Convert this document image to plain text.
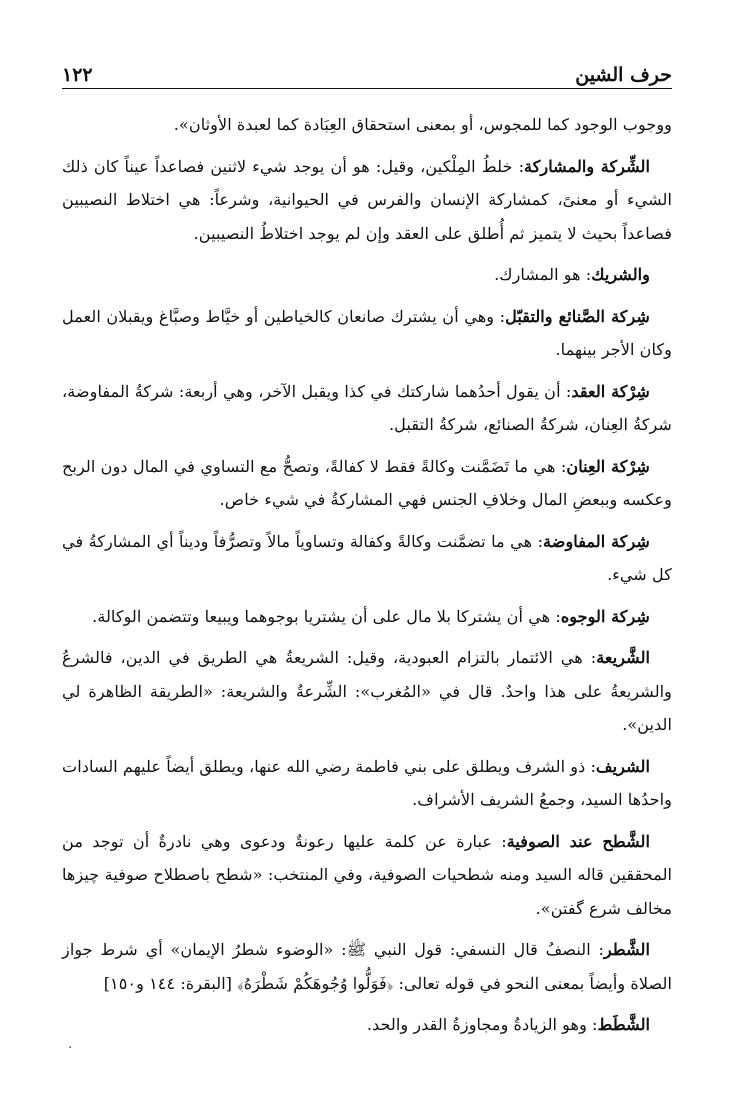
حرف الشين
١٢٢

ووجوب الوجود كما للمجوس، أو بمعنى استحقاق العِبَادة كما لعبدة الأوثان».

الشِّركة والمشاركة: خلطُ المِلْكين، وقيل: هو أن يوجد شيء لاثنين فصاعداً عيناً كان ذلك الشيء أو معنىً، كمشاركة الإنسان والفرس في الحيوانية، وشرعاً: هي اختلاط النصيبين فصاعداً بحيث لا يتميز ثم أُطلق على العقد وإن لم يوجد اختلاطُ النصيبين.

والشريك: هو المشارك.

شِركة الصَّنائع والتقبّل: وهي أن يشترك صانعان كالخياطين أو خيَّاط وصبَّاغ ويقبلان العمل وكان الأجر بينهما.

شِرْكة العقد: أن يقول أحدُهما شاركتك في كذا ويقبل الآخر، وهي أربعة: شركةُ المفاوضة، شركةُ العِنان، شركةُ الصنائع، شركةُ التقبل.

شِرْكة العِنان: هي ما تَضَمَّنت وكالةً فقط لا كفالةً، وتصحُّ مع التساوي في المال دون الربح وعكسه وببعضِ المال وخلافِ الجنس فهي المشاركةُ في شيء خاص.

شِركة المفاوضة: هي ما تضمَّنت وكالةً وكفالة وتساوياً مالاً وتصرُّفاً وديناً أي المشاركةُ في كل شيء.

شِركة الوجوه: هي أن يشتركا بلا مال على أن يشتريا بوجوهما ويبيعا وتتضمن الوكالة.

الشَّريعة: هي الائتمار بالتزام العبودية، وقيل: الشريعةُ هي الطريق في الدين، فالشرعُ والشريعةُ على هذا واحدٌ. قال في «المُغرب»: الشِّرعةُ والشريعة: «الطريقة الظاهرة لي الدين».

الشريف: ذو الشرف ويطلق على بني فاطمة رضي الله عنها، ويطلق أيضاً عليهم السادات واحدُها السيد، وجمعُ الشريف الأشراف.

الشَّطح عند الصوفية: عبارة عن كلمة عليها رعونةٌ ودعوى وهي نادرةٌ أن توجد من المحققين قاله السيد ومنه شطحيات الصوفية، وفي المنتخب: «شطح باصطلاح صوفية چيزها مخالف شرع گفتن».

الشَّطر: النصفُ قال النسفي: قول النبي ﷺ: «الوضوء شطرُ الإيمان» أي شرط جواز الصلاة وأيضاً بمعنى النحو في قوله تعالى: ﴿فَوَلُّوا وُجُوهَكُمْ شَطْرَهُ﴾ [البقرة: ١٤٤ و١٥٠]

الشَّطَط: وهو الزيادةُ ومجاوزةُ القدر والحد.

·
